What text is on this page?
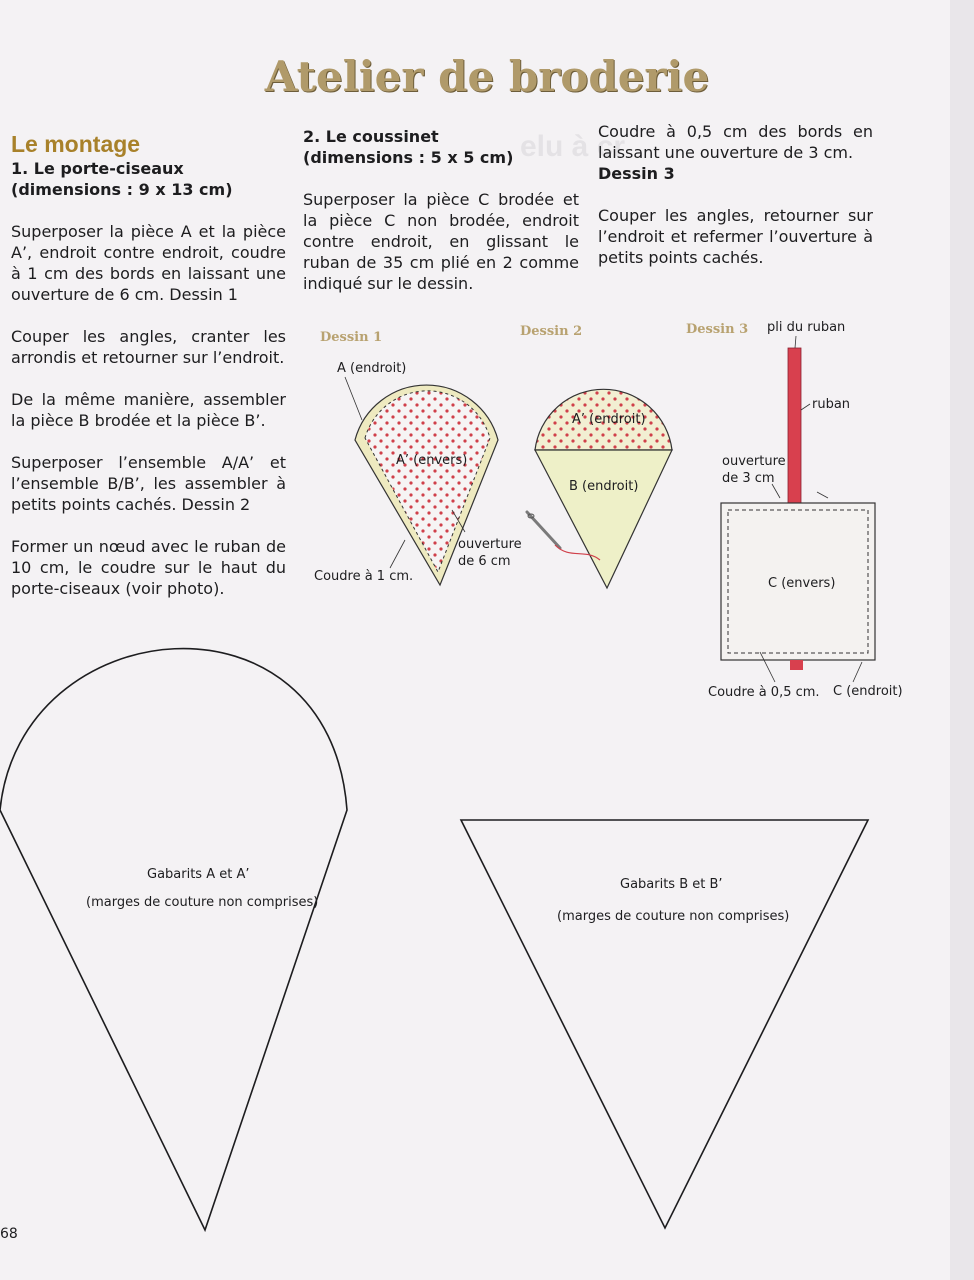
elu à cr
Atelier de broderie
Le montage
1. Le porte-ciseaux
(dimensions : 9 x 13 cm)

Superposer la pièce A et la pièce A’, endroit contre endroit, coudre à 1 cm des bords en laissant une ouverture de 6 cm. Dessin 1

Couper les angles, cranter les arrondis et retourner sur l’endroit.

De la même manière, assembler la pièce B brodée et la pièce B’.

Superposer l’ensemble A/A’ et l’ensemble B/B’, les assembler à petits points cachés. Dessin 2

Former un nœud avec le ruban de 10 cm, le coudre sur le haut du porte-ciseaux (voir photo).

2. Le coussinet
(dimensions : 5 x 5 cm)

Superposer la pièce C brodée et la pièce C non brodée, endroit contre endroit, en glissant le ruban de 35 cm plié en 2 comme indiqué sur le dessin.

Coudre à 0,5 cm des bords en laissant une ouverture de 3 cm.

Dessin 3

Couper les angles, retourner sur l’endroit et refermer l’ouverture à petits points cachés.

Dessin 1	Dessin 2	Dessin 3
A (endroit)
A’ (envers)
Coudre à 1 cm.
ouverture
de 6 cm
A’ (endroit)
B (endroit)
pli du ruban
ruban
ouverture
de 3 cm
C (envers)
Coudre à 0,5 cm. C (endroit)
Gabarits A et A’
(marges de couture non comprises)
Gabarits B et B’
(marges de couture non comprises)
68
